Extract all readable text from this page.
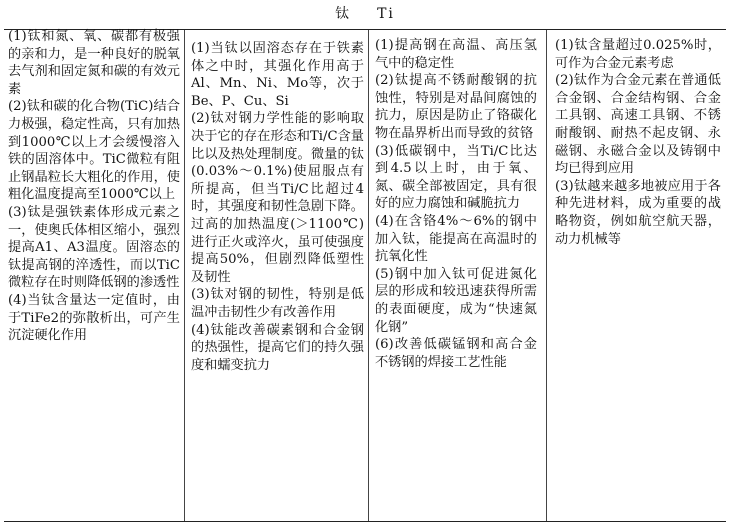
钛 Ti

(1)钛和氮、氧、碳都有极强的亲和力，是一种良好的脱氧去气剂和固定氮和碳的有效元素

(2)钛和碳的化合物(TiC)结合力极强，稳定性高，只有加热到1000℃以上才会缓慢溶入铁的固溶体中。TiC微粒有阻止钢晶粒长大粗化的作用，使粗化温度提高至1000℃以上

(3)钛是强铁素体形成元素之一，使奥氏体相区缩小，强烈提高A1、A3温度。固溶态的钛提高钢的淬透性，而以TiC微粒存在时则降低钢的渗透性

(4)当钛含量达一定值时，由于TiFe2的弥散析出，可产生沉淀硬化作用

(1)当钛以固溶态存在于铁素体之中时，其强化作用高于Al、Mn、Ni、Mo等，次于Be、P、Cu、Si

(2)钛对钢力学性能的影响取决于它的存在形态和Ti/C含量比以及热处理制度。微量的钛(0.03%～0.1%)使屈服点有所提高，但当Ti/C比超过4时，其强度和韧性急剧下降。过高的加热温度(＞1100℃)进行正火或淬火，虽可使强度提高50%，但剧烈降低塑性及韧性

(3)钛对钢的韧性，特别是低温冲击韧性少有改善作用

(4)钛能改善碳素钢和合金钢的热强性，提高它们的持久强度和蠕变抗力

(1)提高钢在高温、高压氢气中的稳定性

(2)钛提高不锈耐酸钢的抗蚀性，特别是对晶间腐蚀的抗力，原因是防止了铬碳化物在晶界析出而导致的贫铬

(3)低碳钢中，当Ti/C比达到4.5以上时，由于氧、氮、碳全部被固定，具有很好的应力腐蚀和碱脆抗力

(4)在含铬4%～6%的钢中加入钛，能提高在高温时的抗氧化性

(5)钢中加入钛可促进氮化层的形成和较迅速获得所需的表面硬度，成为“快速氮化钢”

(6)改善低碳锰钢和高合金不锈钢的焊接工艺性能

(1)钛含量超过0.025%时，可作为合金元素考虑

(2)钛作为合金元素在普通低合金钢、合金结构钢、合金工具钢、高速工具钢、不锈耐酸钢、耐热不起皮钢、永磁钢、永磁合金以及铸钢中均已得到应用

(3)钛越来越多地被应用于各种先进材料，成为重要的战略物资，例如航空航天器，动力机械等
